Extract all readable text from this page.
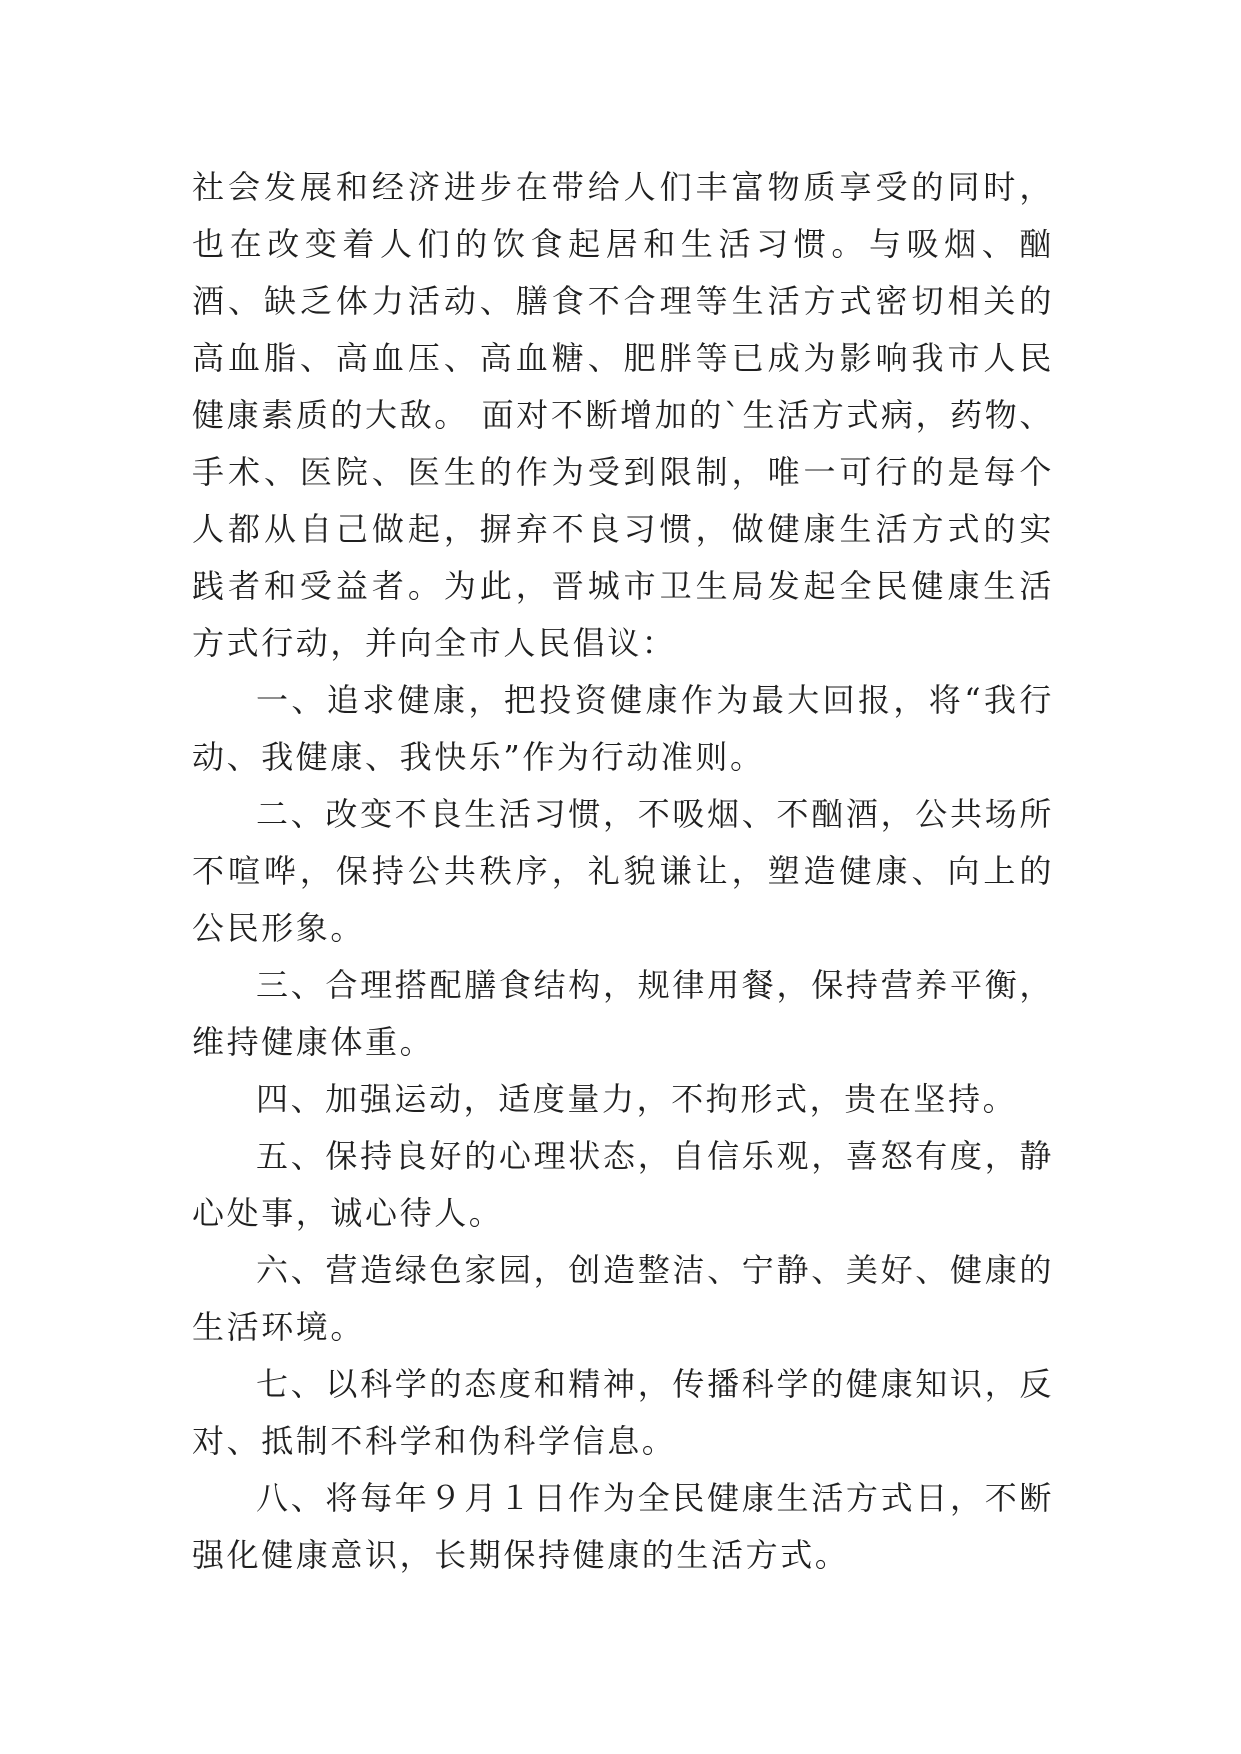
社会发展和经济进步在带给人们丰富物质享受的同时，也在改变着人们的饮食起居和生活习惯。与吸烟、酗酒、缺乏体力活动、膳食不合理等生活方式密切相关的高血脂、高血压、高血糖、肥胖等已成为影响我市人民健康素质的大敌。 面对不断增加的`生活方式病，药物、手术、医院、医生的作为受到限制，唯一可行的是每个人都从自己做起，摒弃不良习惯，做健康生活方式的实践者和受益者。为此，晋城市卫生局发起全民健康生活方式行动，并向全市人民倡议：

一、追求健康，把投资健康作为最大回报，将“我行动、我健康、我快乐”作为行动准则。

二、改变不良生活习惯，不吸烟、不酗酒，公共场所不喧哗，保持公共秩序，礼貌谦让，塑造健康、向上的公民形象。

三、合理搭配膳食结构，规律用餐，保持营养平衡，维持健康体重。

四、加强运动，适度量力，不拘形式，贵在坚持。

五、保持良好的心理状态，自信乐观，喜怒有度，静心处事，诚心待人。

六、营造绿色家园，创造整洁、宁静、美好、健康的生活环境。

七、以科学的态度和精神，传播科学的健康知识，反对、抵制不科学和伪科学信息。

八、将每年９月１日作为全民健康生活方式日，不断强化健康意识，长期保持健康的生活方式。
